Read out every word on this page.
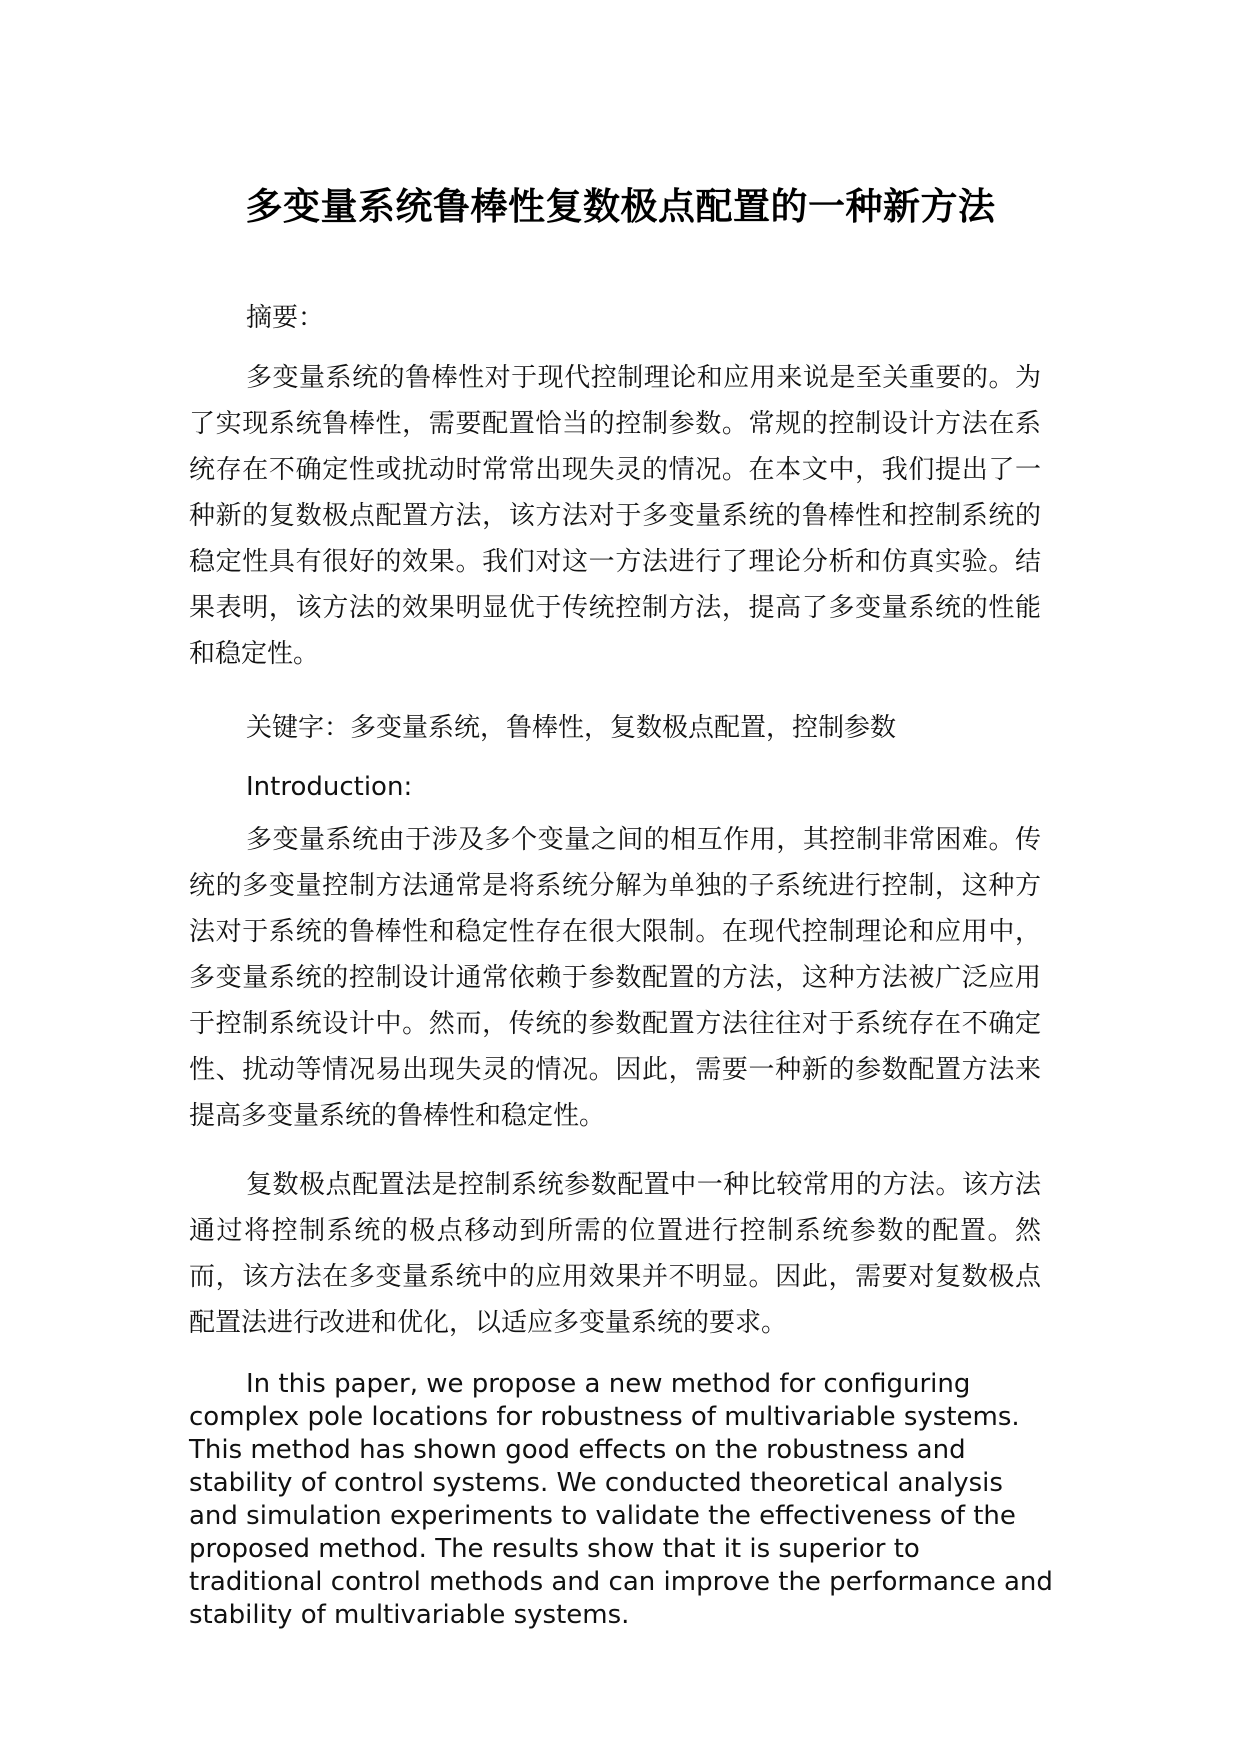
多变量系统鲁棒性复数极点配置的一种新方法

摘要：

多变量系统的鲁棒性对于现代控制理论和应用来说是至关重要的。为了实现系统鲁棒性，需要配置恰当的控制参数。常规的控制设计方法在系统存在不确定性或扰动时常常出现失灵的情况。在本文中，我们提出了一种新的复数极点配置方法，该方法对于多变量系统的鲁棒性和控制系统的稳定性具有很好的效果。我们对这一方法进行了理论分析和仿真实验。结果表明，该方法的效果明显优于传统控制方法，提高了多变量系统的性能和稳定性。

关键字：多变量系统，鲁棒性，复数极点配置，控制参数

Introduction:

多变量系统由于涉及多个变量之间的相互作用，其控制非常困难。传统的多变量控制方法通常是将系统分解为单独的子系统进行控制，这种方法对于系统的鲁棒性和稳定性存在很大限制。在现代控制理论和应用中，多变量系统的控制设计通常依赖于参数配置的方法，这种方法被广泛应用于控制系统设计中。然而，传统的参数配置方法往往对于系统存在不确定性、扰动等情况易出现失灵的情况。因此，需要一种新的参数配置方法来提高多变量系统的鲁棒性和稳定性。

复数极点配置法是控制系统参数配置中一种比较常用的方法。该方法通过将控制系统的极点移动到所需的位置进行控制系统参数的配置。然而，该方法在多变量系统中的应用效果并不明显。因此，需要对复数极点配置法进行改进和优化，以适应多变量系统的要求。

In this paper, we propose a new method for configuring complex pole locations for robustness of multivariable systems. This method has shown good effects on the robustness and stability of control systems. We conducted theoretical analysis and simulation experiments to validate the effectiveness of the proposed method. The results show that it is superior to traditional control methods and can improve the performance and stability of multivariable systems.
